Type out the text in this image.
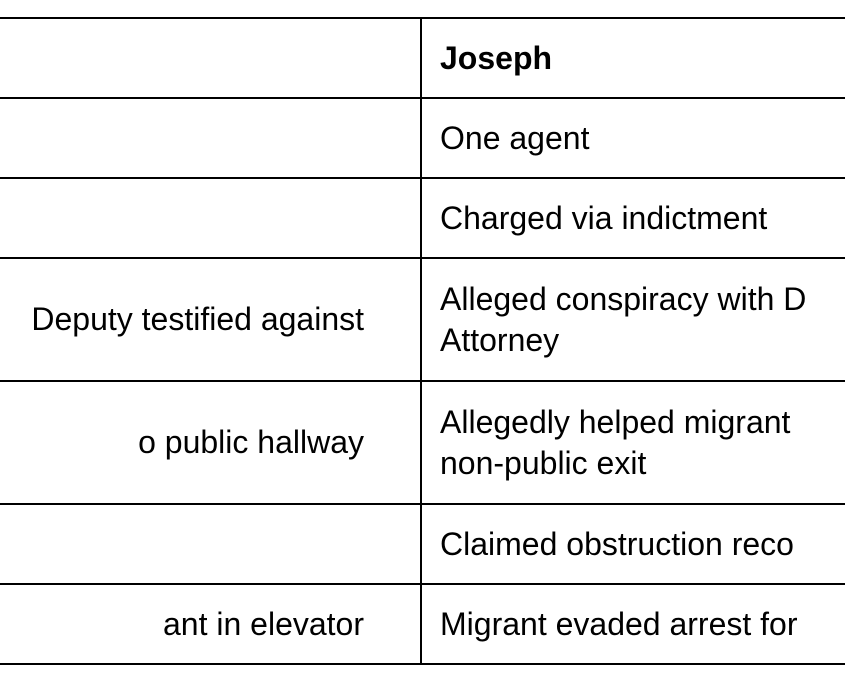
	Joseph

	One agent

	Charged via indictment

Deputy testified against	Alleged conspiracy with D
Attorney

o public hallway	Allegedly helped migrant
non-public exit

	Claimed obstruction reco

ant in elevator	Migrant evaded arrest for
